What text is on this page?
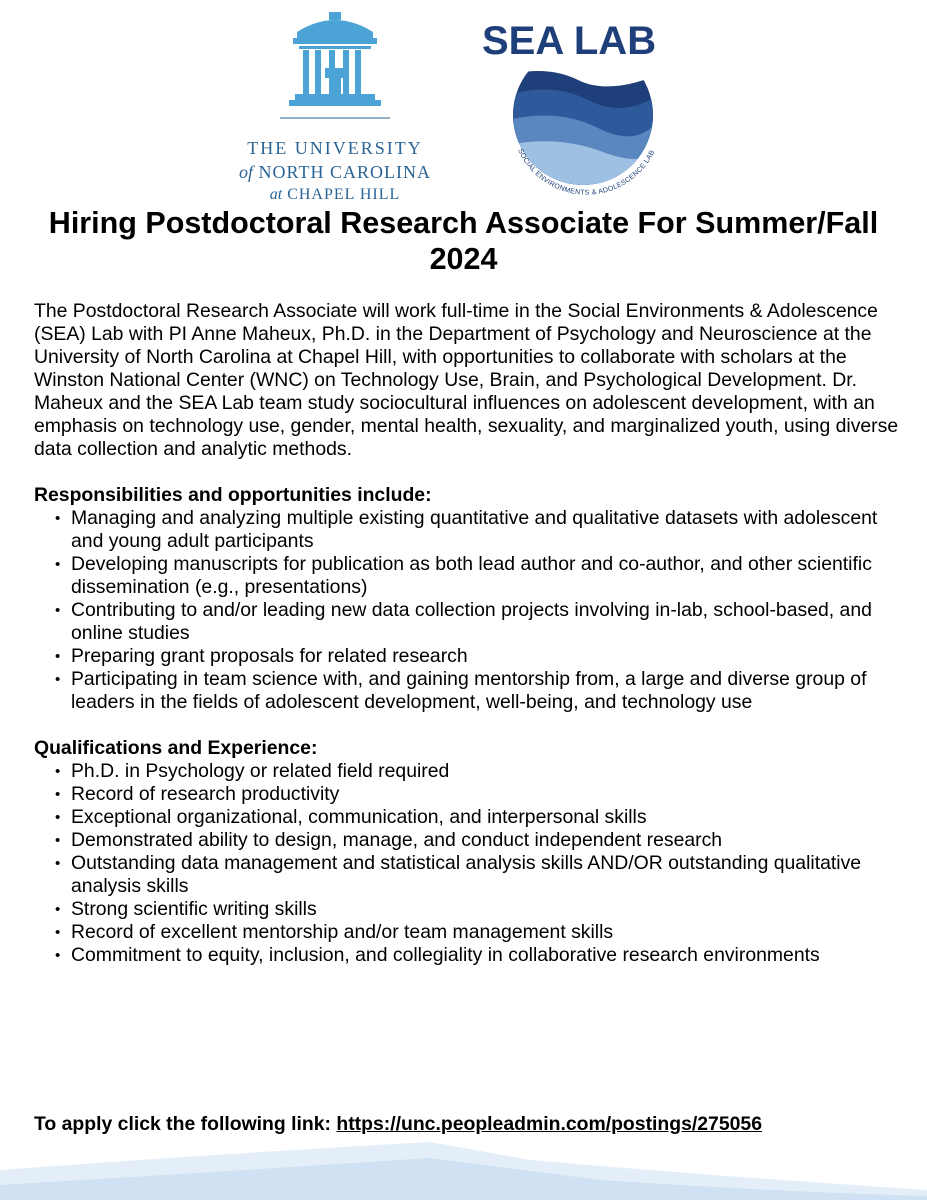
THE UNIVERSITY
of NORTH CAROLINA
at CHAPEL HILL
SEA LAB
SOCIAL ENVIRONMENTS & ADOLESCENCE LAB
Hiring Postdoctoral Research Associate For Summer/Fall 2024

The Postdoctoral Research Associate will work full-time in the Social Environments & Adolescence (SEA) Lab with PI Anne Maheux, Ph.D. in the Department of Psychology and Neuroscience at the University of North Carolina at Chapel Hill, with opportunities to collaborate with scholars at the Winston National Center (WNC) on Technology Use, Brain, and Psychological Development. Dr. Maheux and the SEA Lab team study sociocultural influences on adolescent development, with an emphasis on technology use, gender, mental health, sexuality, and marginalized youth, using diverse data collection and analytic methods.

Responsibilities and opportunities include:

• Managing and analyzing multiple existing quantitative and qualitative datasets with adolescent and young adult participants
• Developing manuscripts for publication as both lead author and co-author, and other scientific dissemination (e.g., presentations)
• Contributing to and/or leading new data collection projects involving in-lab, school-based, and online studies
• Preparing grant proposals for related research
• Participating in team science with, and gaining mentorship from, a large and diverse group of leaders in the fields of adolescent development, well-being, and technology use

Qualifications and Experience:

• Ph.D. in Psychology or related field required
• Record of research productivity
• Exceptional organizational, communication, and interpersonal skills
• Demonstrated ability to design, manage, and conduct independent research
• Outstanding data management and statistical analysis skills AND/OR outstanding qualitative analysis skills
• Strong scientific writing skills
• Record of excellent mentorship and/or team management skills
• Commitment to equity, inclusion, and collegiality in collaborative research environments

To apply click the following link: https://unc.peopleadmin.com/postings/275056
